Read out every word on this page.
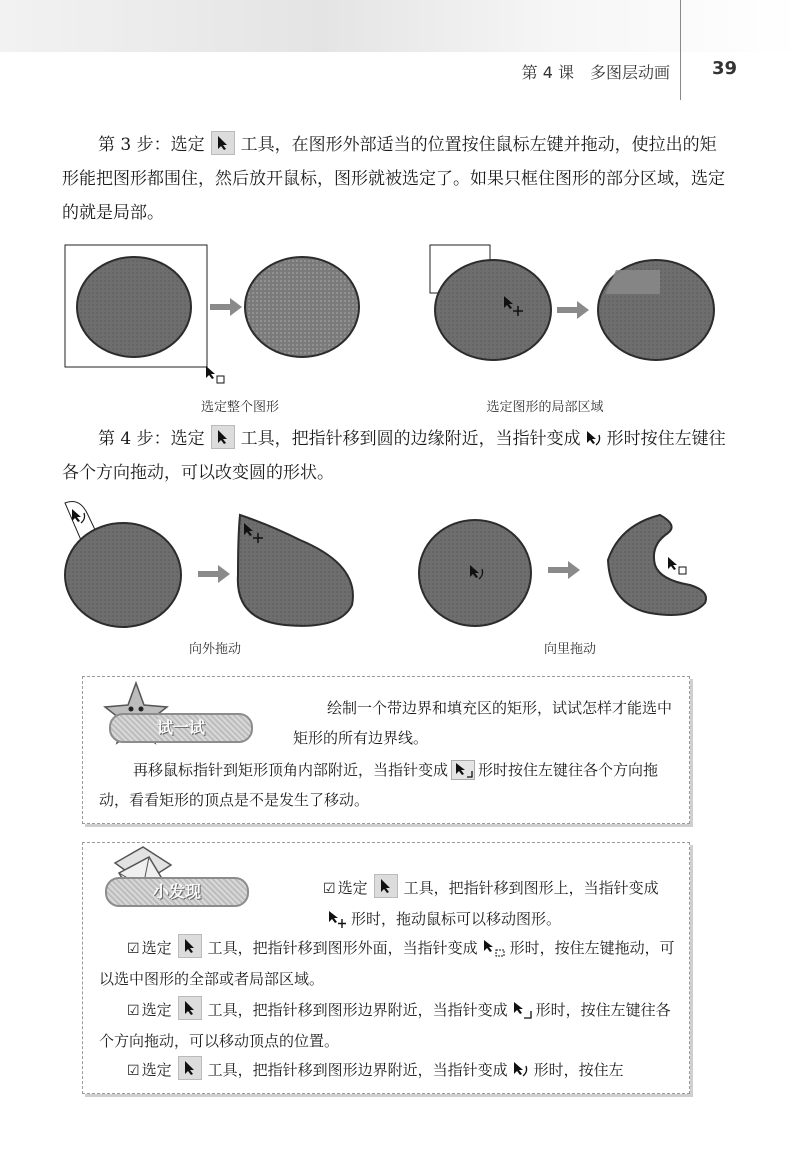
第 4 课　多图层动画 39
第 3 步：选定 工具，在图形外部适当的位置按住鼠标左键并拖动，使拉出的矩形能把图形都围住，然后放开鼠标，图形就被选定了。如果只框住图形的部分区域，选定的就是局部。
选定整个图形	选定图形的局部区域
第 4 步：选定 工具，把指针移到圆的边缘附近，当指针变成 形时按住左键往各个方向拖动，可以改变圆的形状。
向外拖动	向里拖动
试一试
绘制一个带边界和填充区的矩形，试试怎样才能选中矩形的所有边界线。
再移鼠标指针到矩形顶角内部附近，当指针变成 形时按住左键往各个方向拖动，看看矩形的顶点是不是发生了移动。
小发现	☑ 选定 工具，把指针移到图形上，当指针变成形时，拖动鼠标可以移动图形。
☑ 选定 工具，把指针移到图形外面，当指针变成 形时，按住左键拖动，可以选中图形的全部或者局部区域。
☑ 选定 工具，把指针移到图形边界附近，当指针变成 形时，按住左键往各个方向拖动，可以移动顶点的位置。
☑ 选定 工具，把指针移到图形边界附近，当指针变成 形时，按住左
